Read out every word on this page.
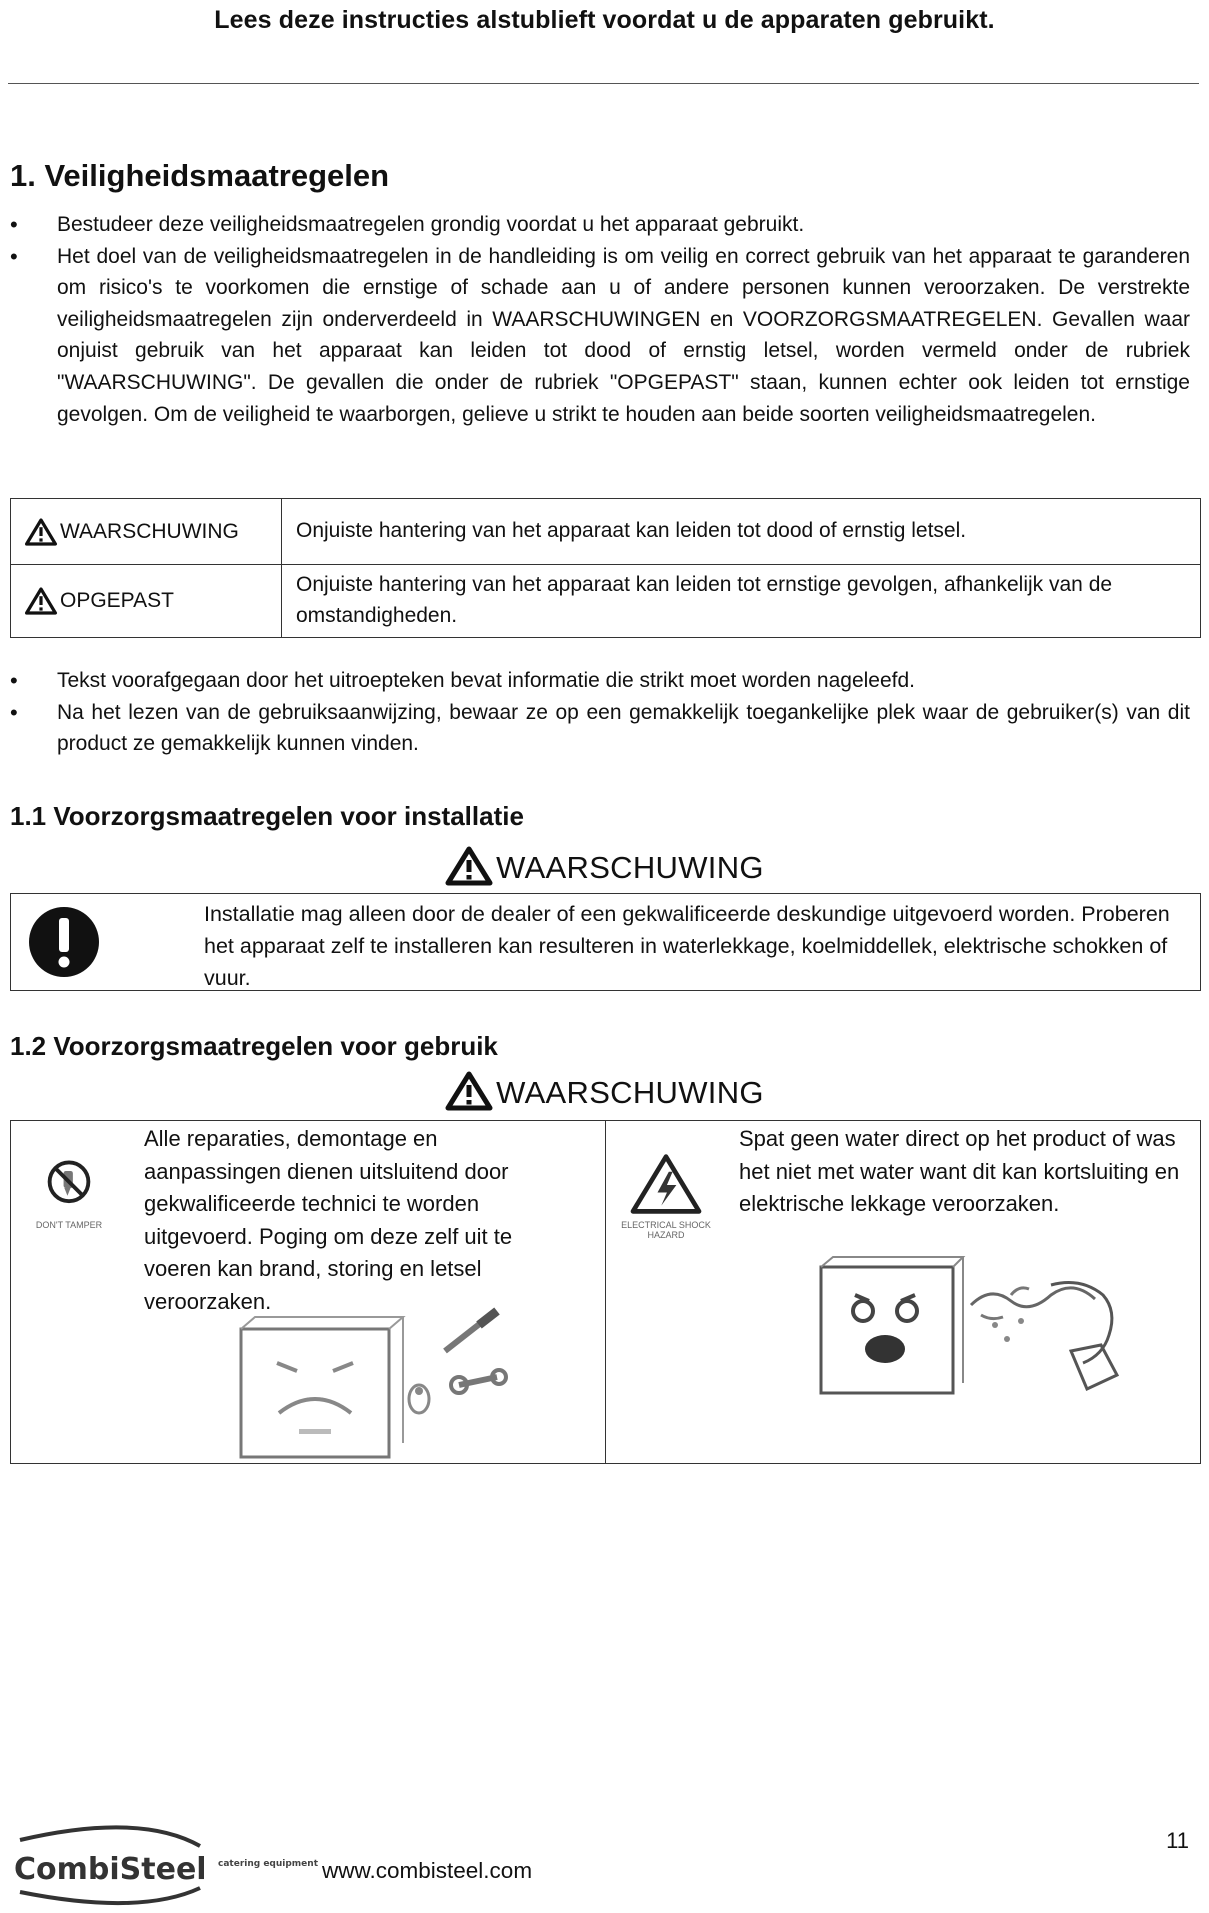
Lees deze instructies alstublieft voordat u de apparaten gebruikt.
1. Veiligheidsmaatregelen
• Bestudeer deze veiligheidsmaatregelen grondig voordat u het apparaat gebruikt.
• Het doel van de veiligheidsmaatregelen in de handleiding is om veilig en correct gebruik van het apparaat te garanderen om risico's te voorkomen die ernstige of schade aan u of andere personen kunnen veroorzaken. De verstrekte veiligheidsmaatregelen zijn onderverdeeld in WAARSCHUWINGEN en VOORZORGSMAATREGELEN. Gevallen waar onjuist gebruik van het apparaat kan leiden tot dood of ernstig letsel, worden vermeld onder de rubriek "WAARSCHUWING". De gevallen die onder de rubriek "OPGEPAST" staan, kunnen echter ook leiden tot ernstige gevolgen. Om de veiligheid te waarborgen, gelieve u strikt te houden aan beide soorten veiligheidsmaatregelen.
WAARSCHUWING	Onjuiste hantering van het apparaat kan leiden tot dood of ernstig letsel.

OPGEPAST	Onjuiste hantering van het apparaat kan leiden tot ernstige gevolgen, afhankelijk van de omstandigheden.
• Tekst voorafgegaan door het uitroepteken bevat informatie die strikt moet worden nageleefd.
• Na het lezen van de gebruiksaanwijzing, bewaar ze op een gemakkelijk toegankelijke plek waar de gebruiker(s) van dit product ze gemakkelijk kunnen vinden.
1.1 Voorzorgsmaatregelen voor installatie
WAARSCHUWING
Installatie mag alleen door de dealer of een gekwalificeerde deskundige uitgevoerd worden. Proberen het apparaat zelf te installeren kan resulteren in waterlekkage, koelmiddellek, elektrische schokken of vuur.
1.2 Voorzorgsmaatregelen voor gebruik
WAARSCHUWING
DON'T TAMPER
Alle reparaties, demontage en aanpassingen dienen uitsluitend door gekwalificeerde technici te worden uitgevoerd. Poging om deze zelf uit te voeren kan brand, storing en letsel veroorzaken.
ELECTRICAL SHOCK HAZARD
Spat geen water direct op het product of was het niet met water want dit kan kortsluiting en elektrische lekkage veroorzaken.
CombiSteel catering equipment www.combisteel.com
11
